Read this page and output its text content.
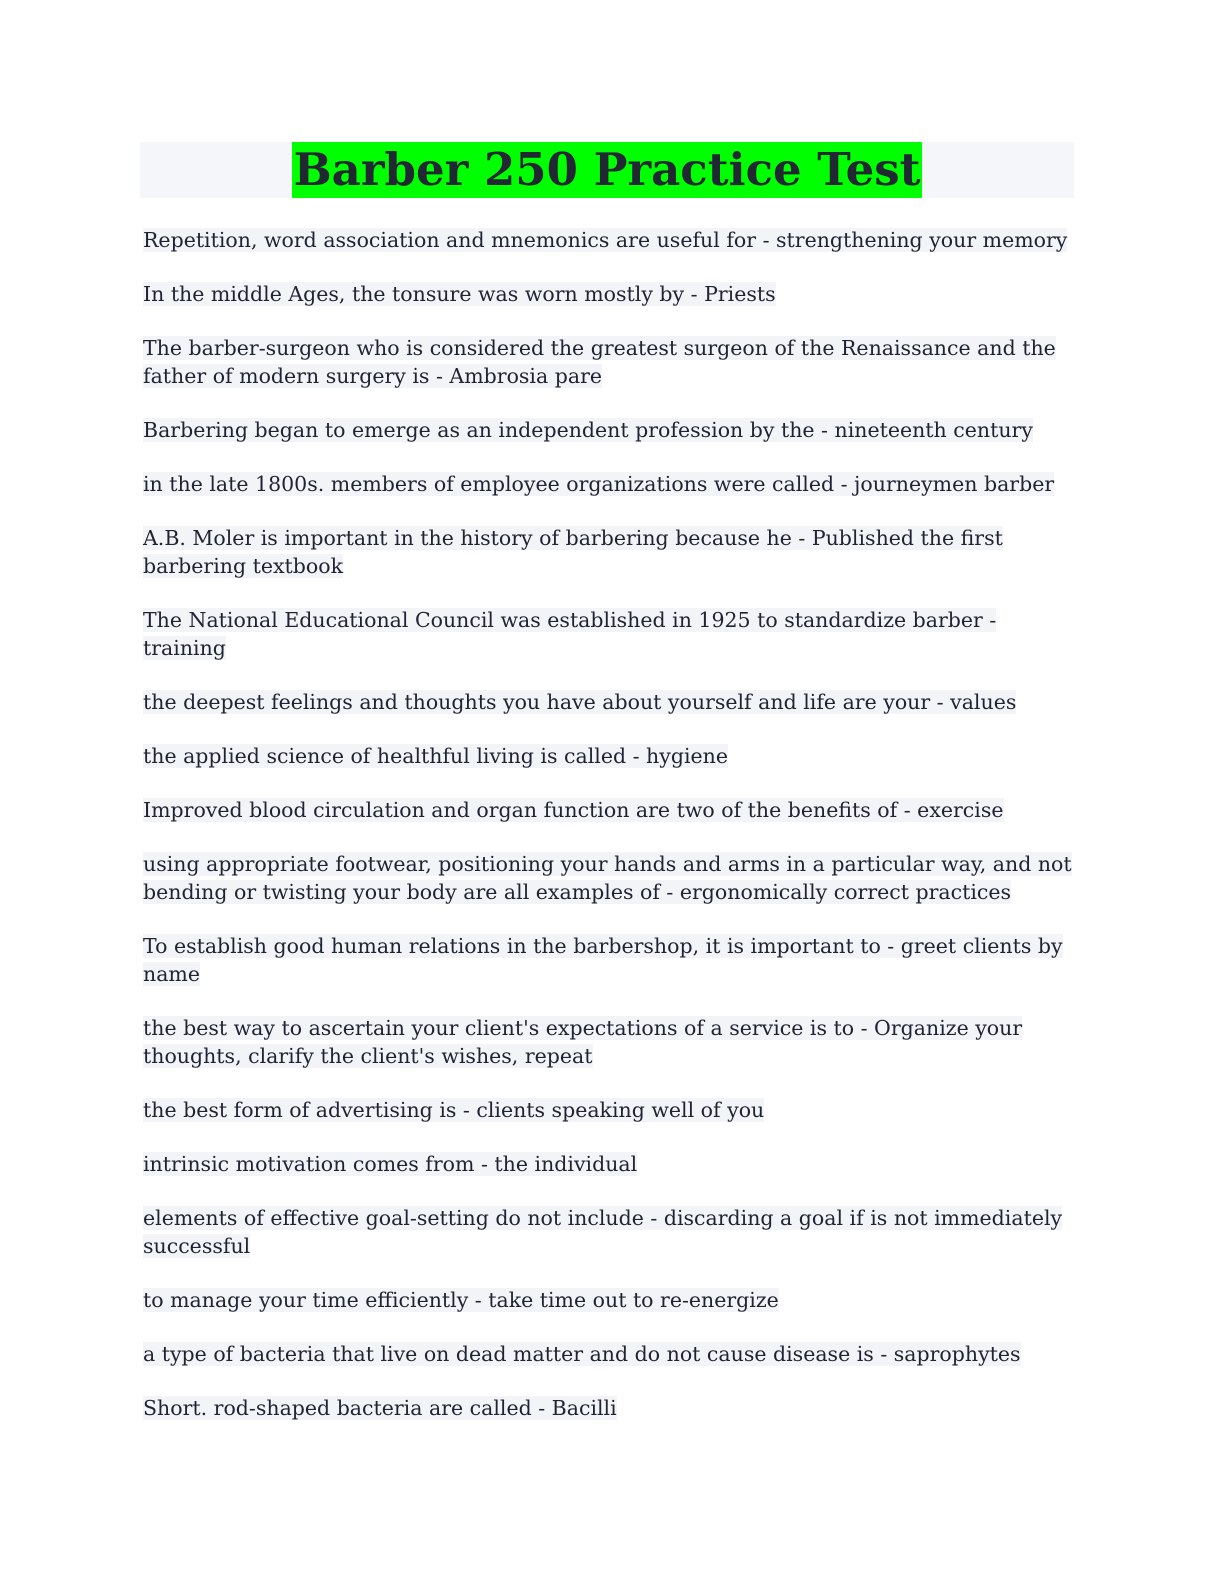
Barber 250 Practice Test

Repetition, word association and mnemonics are useful for - strengthening your memory

In the middle Ages, the tonsure was worn mostly by - Priests

The barber-surgeon who is considered the greatest surgeon of the Renaissance and the father of modern surgery is - Ambrosia pare

Barbering began to emerge as an independent profession by the - nineteenth century

in the late 1800s. members of employee organizations were called - journeymen barber

A.B. Moler is important in the history of barbering because he - Published the first barbering textbook

The National Educational Council was established in 1925 to standardize barber - training

the deepest feelings and thoughts you have about yourself and life are your - values

the applied science of healthful living is called - hygiene

Improved blood circulation and organ function are two of the benefits of - exercise

using appropriate footwear, positioning your hands and arms in a particular way, and not bending or twisting your body are all examples of - ergonomically correct practices

To establish good human relations in the barbershop, it is important to - greet clients by name

the best way to ascertain your client's expectations of a service is to - Organize your thoughts, clarify the client's wishes, repeat

the best form of advertising is - clients speaking well of you

intrinsic motivation comes from - the individual

elements of effective goal-setting do not include - discarding a goal if is not immediately successful

to manage your time efficiently - take time out to re-energize

a type of bacteria that live on dead matter and do not cause disease is - saprophytes

Short. rod-shaped bacteria are called - Bacilli
